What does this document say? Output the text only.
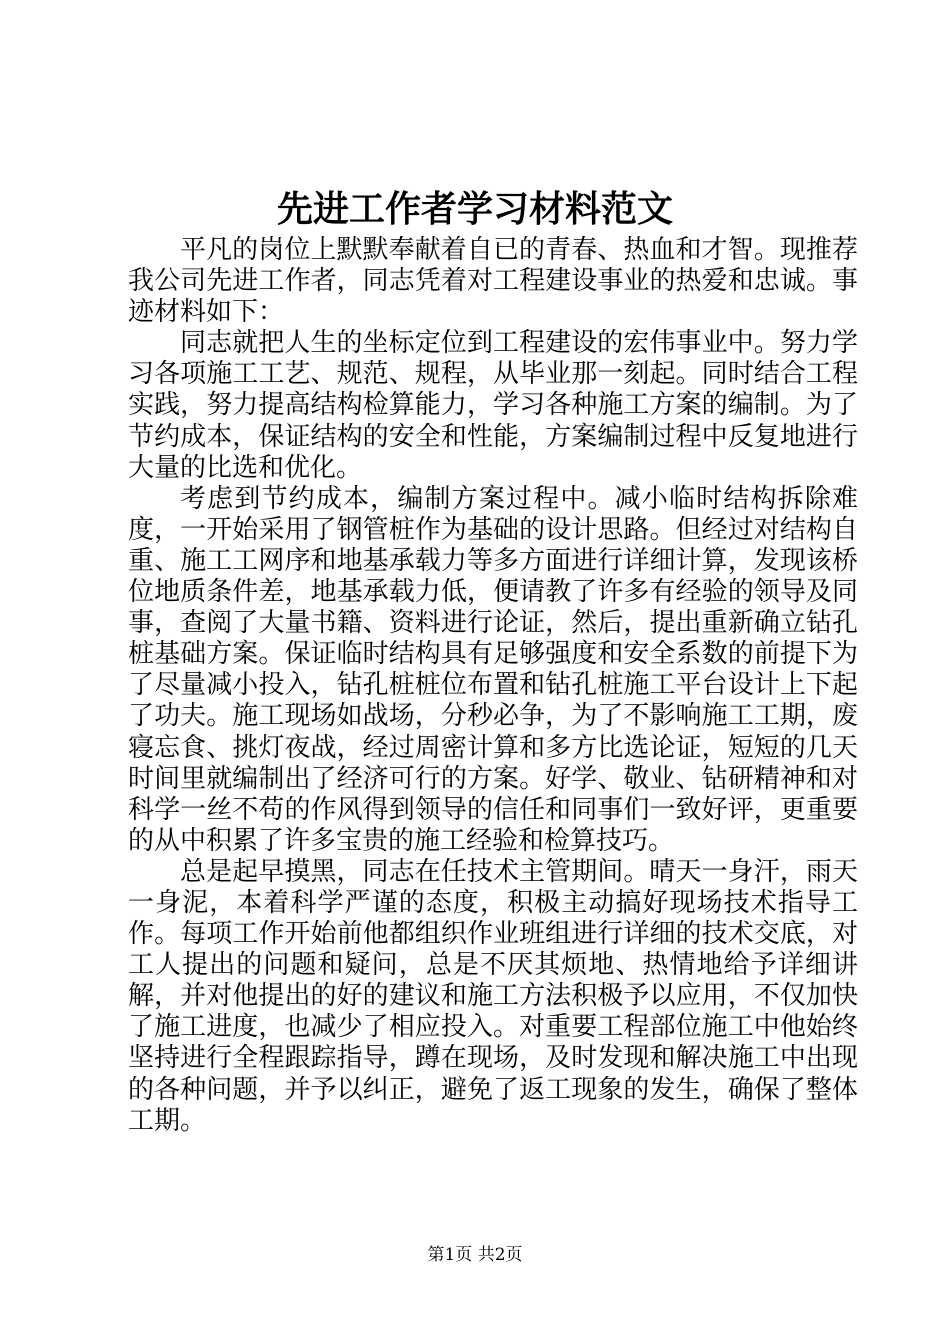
先进工作者学习材料范文

平凡的岗位上默默奉献着自已的青春、热血和才智。现推荐我公司先进工作者，同志凭着对工程建设事业的热爱和忠诚。事迹材料如下：

同志就把人生的坐标定位到工程建设的宏伟事业中。努力学习各项施工工艺、规范、规程，从毕业那一刻起。同时结合工程实践，努力提高结构检算能力，学习各种施工方案的编制。为了节约成本，保证结构的安全和性能，方案编制过程中反复地进行大量的比选和优化。

考虑到节约成本，编制方案过程中。减小临时结构拆除难度，一开始采用了钢管桩作为基础的设计思路。但经过对结构自重、施工工网序和地基承载力等多方面进行详细计算，发现该桥位地质条件差，地基承载力低，便请教了许多有经验的领导及同事，查阅了大量书籍、资料进行论证，然后，提出重新确立钻孔桩基础方案。保证临时结构具有足够强度和安全系数的前提下为了尽量减小投入，钻孔桩桩位布置和钻孔桩施工平台设计上下起了功夫。施工现场如战场，分秒必争，为了不影响施工工期，废寝忘食、挑灯夜战，经过周密计算和多方比选论证，短短的几天时间里就编制出了经济可行的方案。好学、敬业、钻研精神和对科学一丝不苟的作风得到领导的信任和同事们一致好评，更重要的从中积累了许多宝贵的施工经验和检算技巧。

总是起早摸黑，同志在任技术主管期间。晴天一身汗，雨天一身泥，本着科学严谨的态度，积极主动搞好现场技术指导工作。每项工作开始前他都组织作业班组进行详细的技术交底，对工人提出的问题和疑问，总是不厌其烦地、热情地给予详细讲解，并对他提出的好的建议和施工方法积极予以应用，不仅加快了施工进度，也减少了相应投入。对重要工程部位施工中他始终坚持进行全程跟踪指导，蹲在现场，及时发现和解决施工中出现的各种问题，并予以纠正，避免了返工现象的发生，确保了整体工期。

第1页 共2页
